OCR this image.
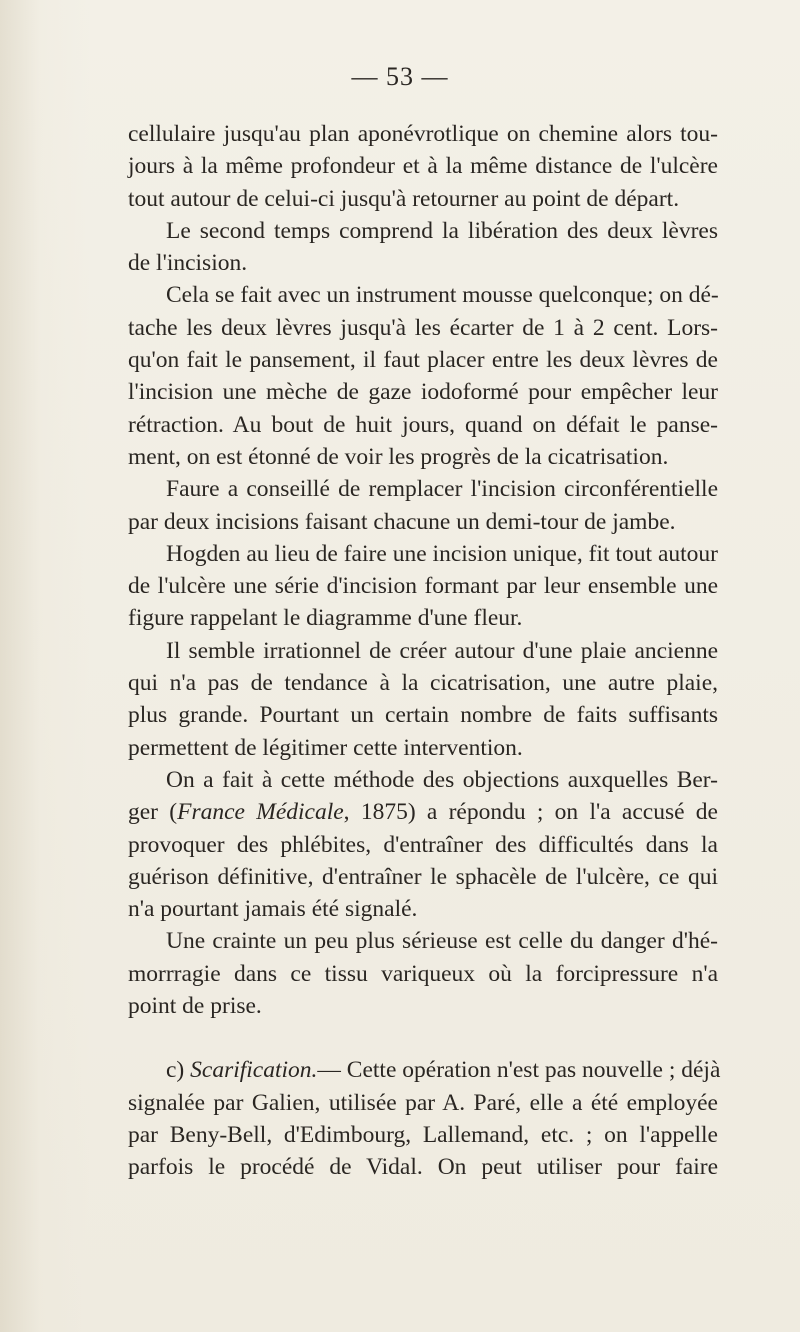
— 53 —

cellulaire jusqu'au plan aponévrotlique on chemine alors tou-
jours à la même profondeur et à la même distance de l'ulcère
tout autour de celui-ci jusqu'à retourner au point de départ.

Le second temps comprend la libération des deux lèvres
de l'incision.

Cela se fait avec un instrument mousse quelconque; on dé-
tache les deux lèvres jusqu'à les écarter de 1 à 2 cent. Lors-
qu'on fait le pansement, il faut placer entre les deux lèvres de
l'incision une mèche de gaze iodoformé pour empêcher leur
rétraction. Au bout de huit jours, quand on défait le panse-
ment, on est étonné de voir les progrès de la cicatrisation.

Faure a conseillé de remplacer l'incision circonférentielle
par deux incisions faisant chacune un demi-tour de jambe.

Hogden au lieu de faire une incision unique, fit tout autour
de l'ulcère une série d'incision formant par leur ensemble une
figure rappelant le diagramme d'une fleur.

Il semble irrationnel de créer autour d'une plaie ancienne
qui n'a pas de tendance à la cicatrisation, une autre plaie,
plus grande. Pourtant un certain nombre de faits suffisants
permettent de légitimer cette intervention.

On a fait à cette méthode des objections auxquelles Ber-
ger (France Médicale, 1875) a répondu ; on l'a accusé de
provoquer des phlébites, d'entraîner des difficultés dans la
guérison définitive, d'entraîner le sphacèle de l'ulcère, ce qui
n'a pourtant jamais été signalé.

Une crainte un peu plus sérieuse est celle du danger d'hé-
morrragie dans ce tissu variqueux où la forcipressure n'a
point de prise.

c) Scarification.— Cette opération n'est pas nouvelle ; déjà
signalée par Galien, utilisée par A. Paré, elle a été employée
par Beny-Bell, d'Edimbourg, Lallemand, etc. ; on l'appelle
parfois le procédé de Vidal. On peut utiliser pour faire
